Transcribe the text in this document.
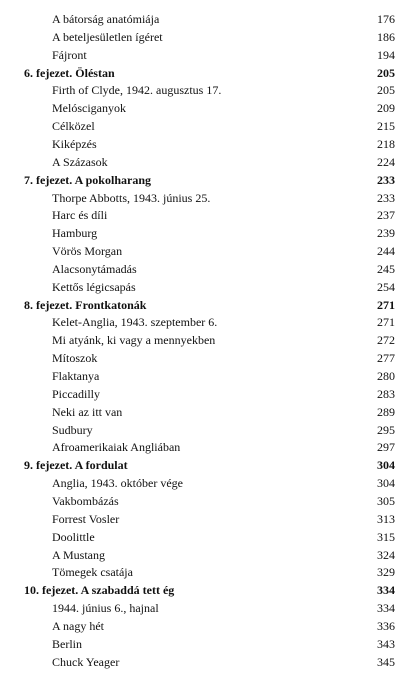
A bátorság anatómiája	176
A beteljesületlen ígéret	186
Fájront	194
6. fejezet. Öléstan	205
Firth of Clyde, 1942. augusztus 17.	205
Melósciganyok	209
Célközel	215
Kiképzés	218
A Százasok	224
7. fejezet. A pokolharang	233
Thorpe Abbotts, 1943. június 25.	233
Harc és díli	237
Hamburg	239
Vörös Morgan	244
Alacsonytámadás	245
Kettős légicsapás	254
8. fejezet. Frontkatonák	271
Kelet-Anglia, 1943. szeptember 6.	271
Mi atyánk, ki vagy a mennyekben	272
Mítoszok	277
Flaktanya	280
Piccadilly	283
Neki az itt van	289
Sudbury	295
Afroamerikaiak Angliában	297
9. fejezet. A fordulat	304
Anglia, 1943. október vége	304
Vakbombázás	305
Forrest Vosler	313
Doolittle	315
A Mustang	324
Tömegek csatája	329
10. fejezet. A szabaddá tett ég	334
1944. június 6., hajnal	334
A nagy hét	336
Berlin	343
Chuck Yeager	345
